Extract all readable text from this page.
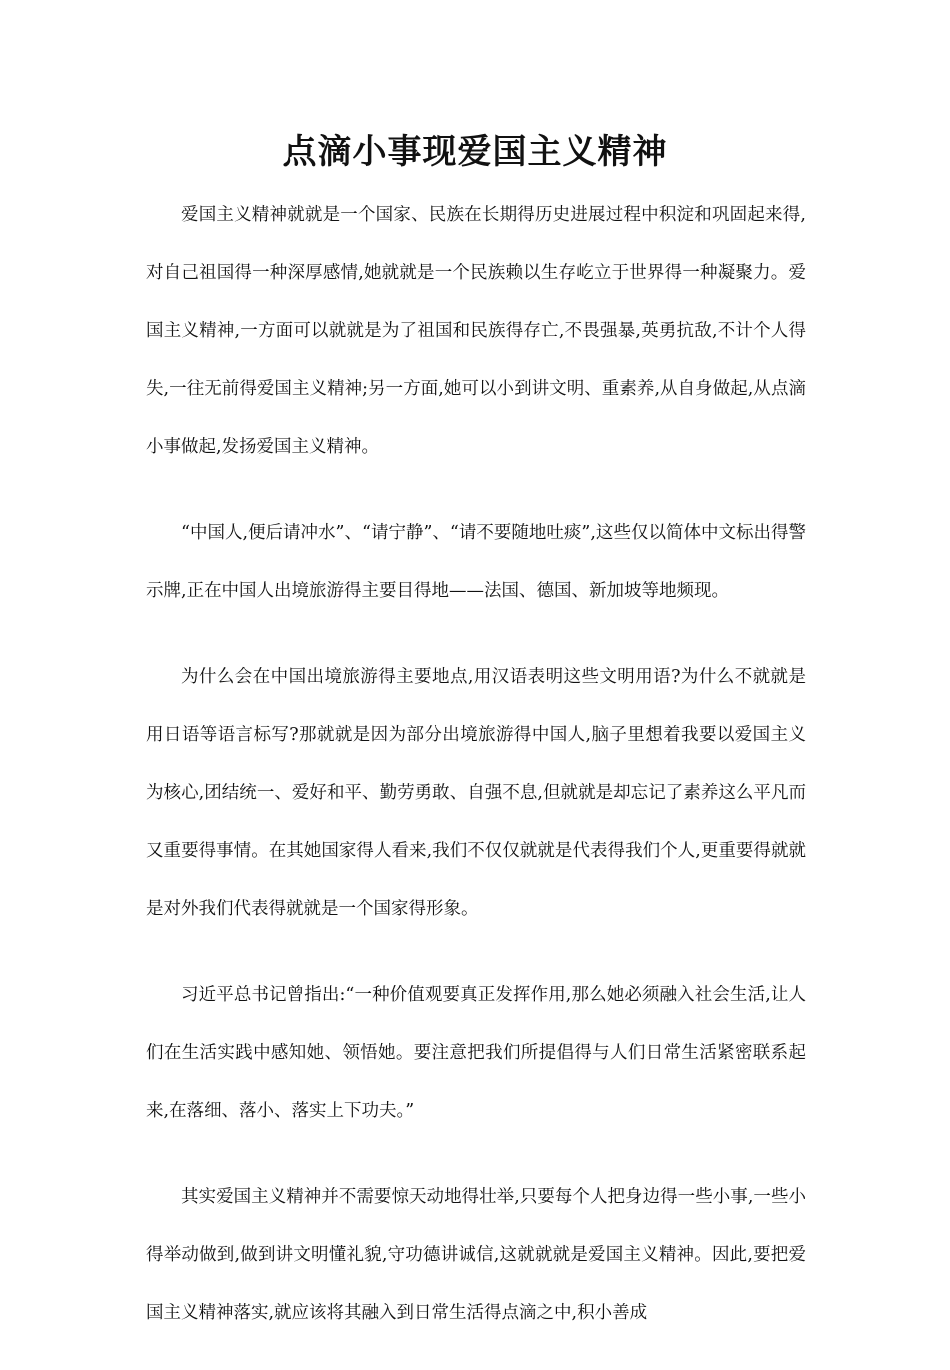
点滴小事现爱国主义精神

爱国主义精神就就是一个国家、民族在长期得历史进展过程中积淀和巩固起来得,对自己祖国得一种深厚感情,她就就是一个民族赖以生存屹立于世界得一种凝聚力。爱国主义精神,一方面可以就就是为了祖国和民族得存亡,不畏强暴,英勇抗敌,不计个人得失,一往无前得爱国主义精神;另一方面,她可以小到讲文明、重素养,从自身做起,从点滴小事做起,发扬爱国主义精神。

“中国人,便后请冲水”、“请宁静”、“请不要随地吐痰”,这些仅以简体中文标出得警示牌,正在中国人出境旅游得主要目得地——法国、德国、新加坡等地频现。

为什么会在中国出境旅游得主要地点,用汉语表明这些文明用语?为什么不就就是用日语等语言标写?那就就是因为部分出境旅游得中国人,脑子里想着我要以爱国主义为核心,团结统一、爱好和平、勤劳勇敢、自强不息,但就就是却忘记了素养这么平凡而又重要得事情。在其她国家得人看来,我们不仅仅就就是代表得我们个人,更重要得就就是对外我们代表得就就是一个国家得形象。

习近平总书记曾指出:“一种价值观要真正发挥作用,那么她必须融入社会生活,让人们在生活实践中感知她、领悟她。要注意把我们所提倡得与人们日常生活紧密联系起来,在落细、落小、落实上下功夫。”

其实爱国主义精神并不需要惊天动地得壮举,只要每个人把身边得一些小事,一些小得举动做到,做到讲文明懂礼貌,守功德讲诚信,这就就就是爱国主义精神。因此,要把爱国主义精神落实,就应该将其融入到日常生活得点滴之中,积小善成
